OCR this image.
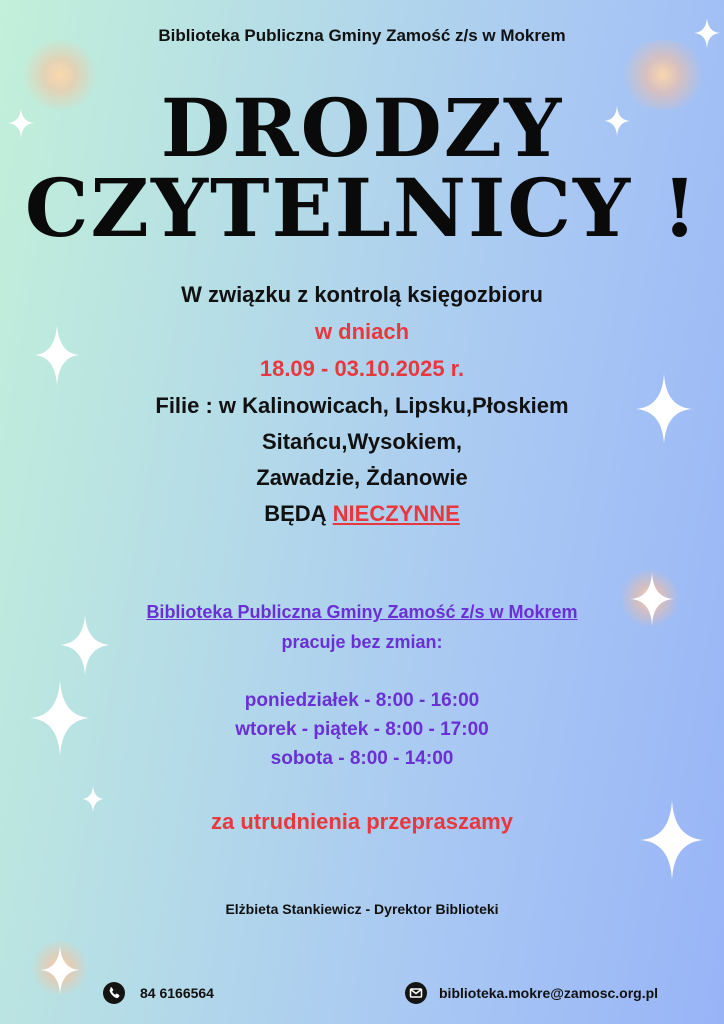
Biblioteka Publiczna Gminy Zamość z/s w Mokrem
DRODZY
CZYTELNICY !
W związku z kontrolą księgozbioru
w dniach
18.09 - 03.10.2025 r.
Filie : w Kalinowicach, Lipsku,Płoskiem
Sitańcu,Wysokiem,
Zawadzie, Żdanowie
BĘDĄ NIECZYNNE
Biblioteka Publiczna Gminy Zamość z/s w Mokrem
pracuje bez zmian:
poniedziałek - 8:00 - 16:00
wtorek - piątek - 8:00 - 17:00
sobota - 8:00 - 14:00
za utrudnienia przepraszamy
Elżbieta Stankiewicz - Dyrektor Biblioteki
84 6166564	biblioteka.mokre@zamosc.org.pl
